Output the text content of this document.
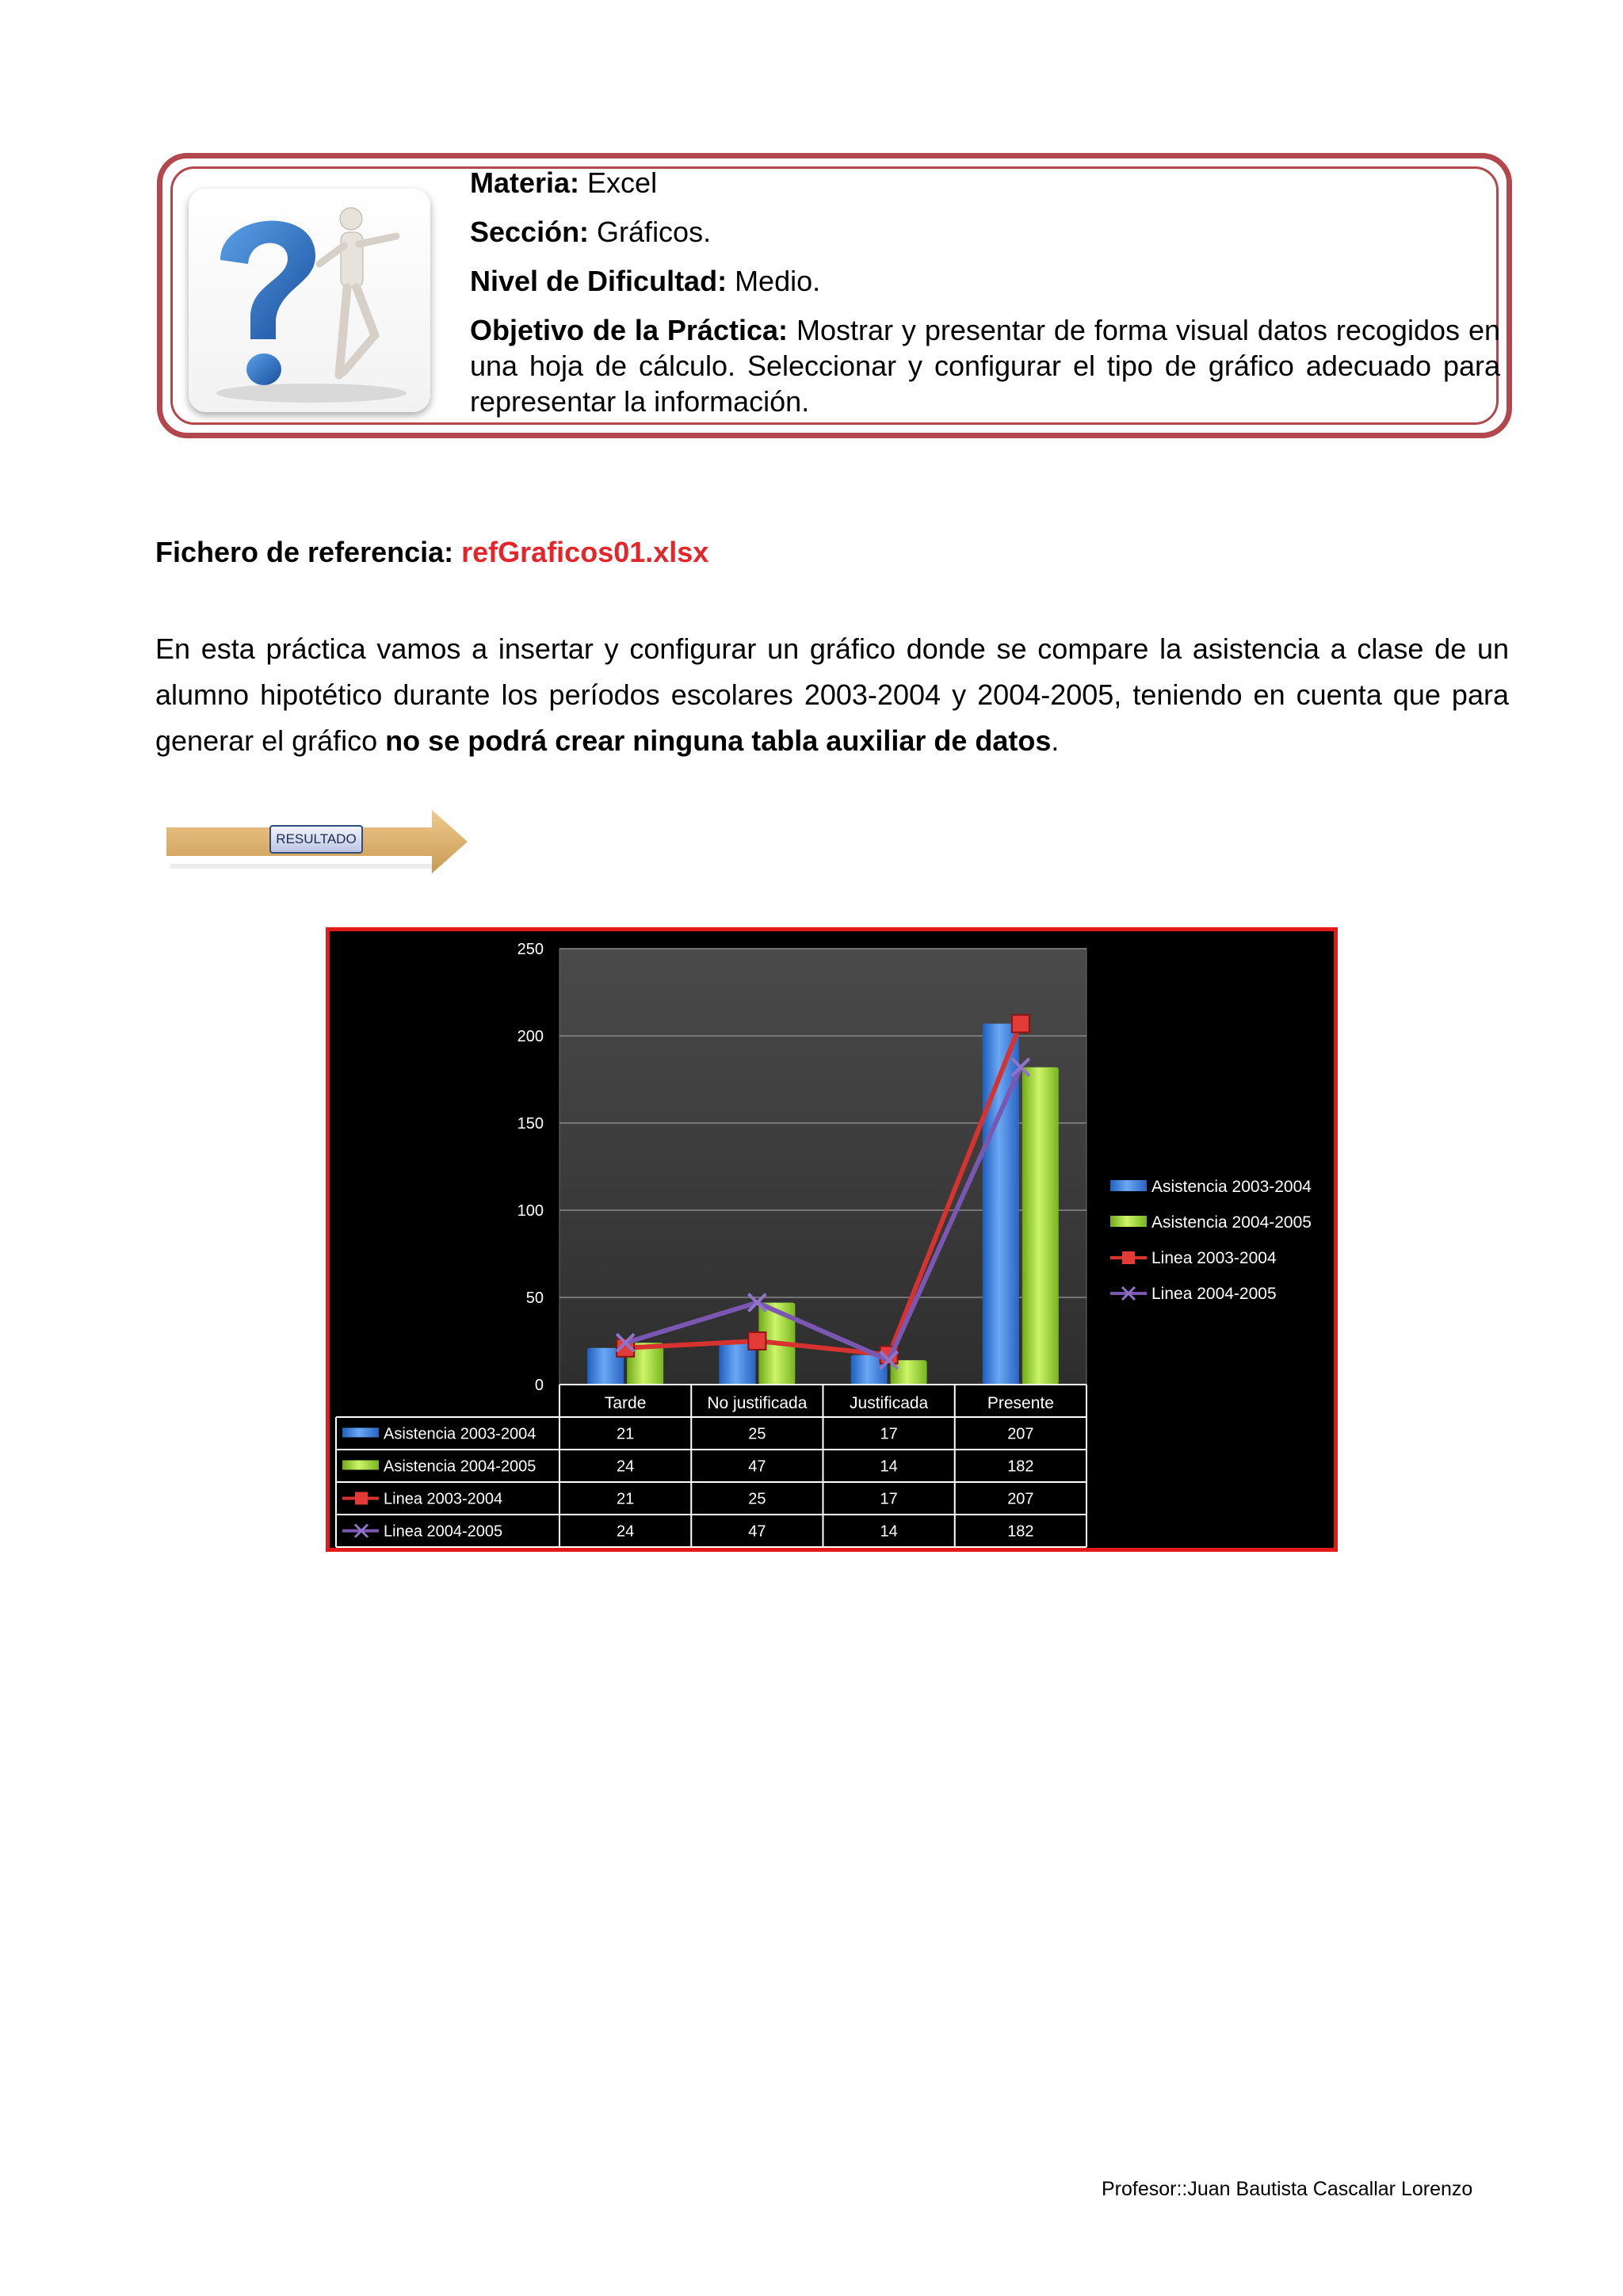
Materia: Excel

Sección: Gráficos.

Nivel de Dificultad: Medio.

Objetivo de la Práctica: Mostrar y presentar de forma visual datos recogidos en una hoja de cálculo. Seleccionar y configurar el tipo de gráfico adecuado para representar la información.

Fichero de referencia: refGraficos01.xlsx
En esta práctica vamos a insertar y configurar un gráfico donde se compare la asistencia a clase de un alumno hipotético durante los períodos escolares 2003-2004 y 2004-2005, teniendo en cuenta que para generar el gráfico no se podrá crear ninguna tabla auxiliar de datos.
RESULTADO
0
50
100
150
200
250
Tarde	No justificada	Justificada	Presente
Asistencia 2003-2004	21	25	17	207
Asistencia 2004-2005	24	47	14	182
Linea 2003-2004	21	25	17	207
Linea 2004-2005	24	47	14	182
Asistencia 2003-2004
Asistencia 2004-2005
Linea 2003-2004
Linea 2004-2005
Profesor::Juan Bautista Cascallar Lorenzo
